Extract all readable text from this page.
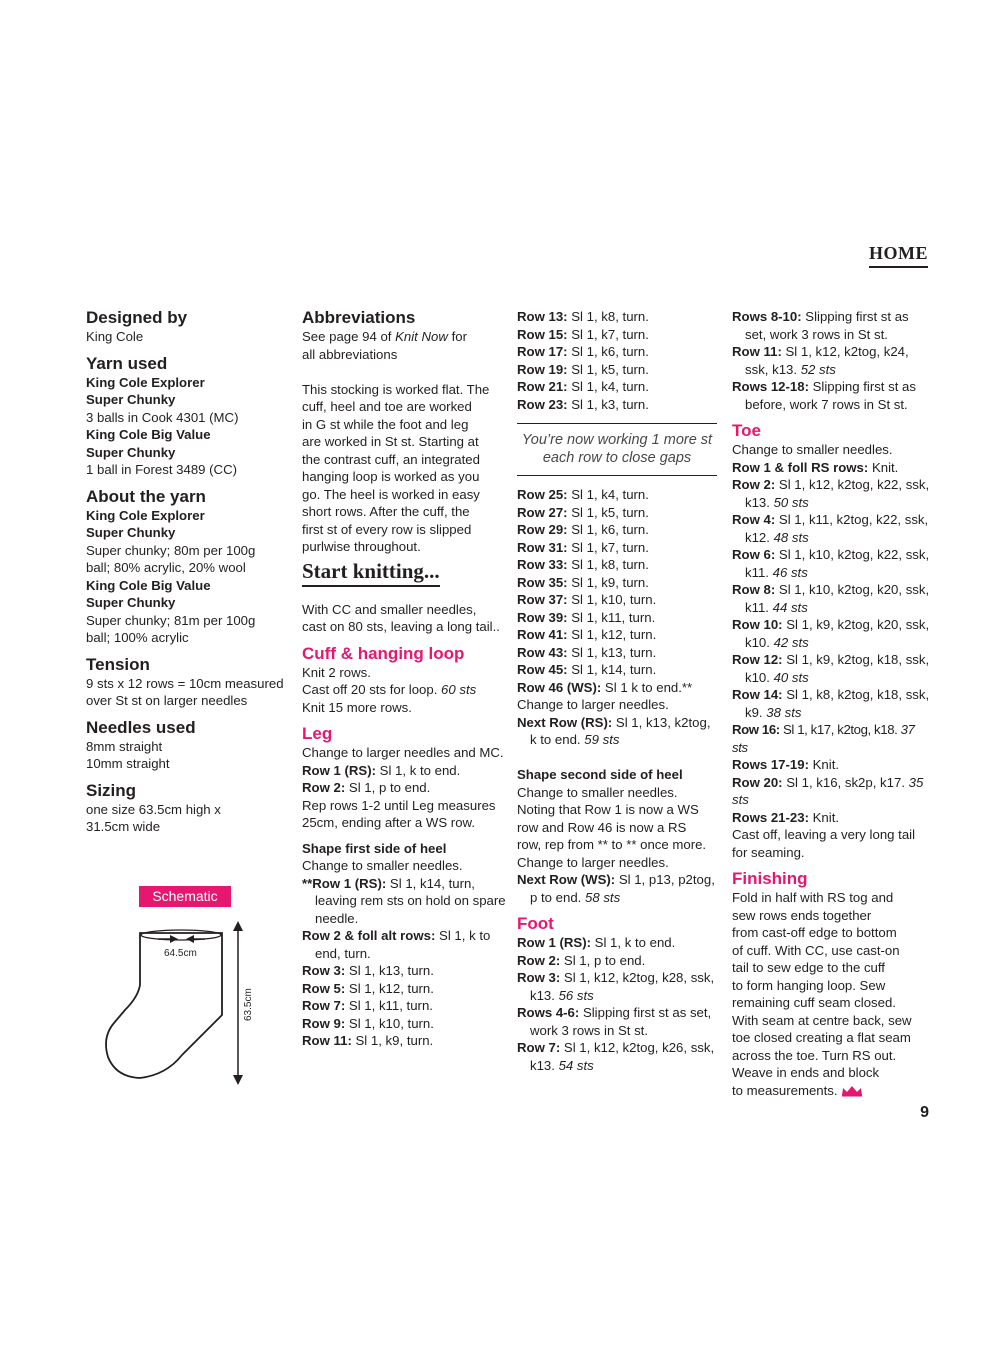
HOME
Designed by

King Cole

Yarn used

King Cole Explorer

Super Chunky

3 balls in Cook 4301 (MC)

King Cole Big Value

Super Chunky

1 ball in Forest 3489 (CC)

About the yarn

King Cole Explorer

Super Chunky

Super chunky; 80m per 100g

ball; 80% acrylic, 20% wool

King Cole Big Value

Super Chunky

Super chunky; 81m per 100g

ball; 100% acrylic

Tension

9 sts x 12 rows = 10cm measured

over St st on larger needles

Needles used

8mm straight

10mm straight

Sizing

one size 63.5cm high x

31.5cm wide

Schematic
64.5cm
63.5cm
Abbreviations

See page 94 of Knit Now for

all abbreviations

This stocking is worked flat. The
cuff, heel and toe are worked
in G st while the foot and leg
are worked in St st. Starting at
the contrast cuff, an integrated
hanging loop is worked as you
go. The heel is worked in easy
short rows. After the cuff, the
first st of every row is slipped
purlwise throughout.
Start knitting...
With CC and smaller needles,
cast on 80 sts, leaving a long tail..
Cuff & hanging loop

Knit 2 rows.

Cast off 20 sts for loop. 60 sts

Knit 15 more rows.

Leg

Change to larger needles and MC.

Row 1 (RS): Sl 1, k to end.

Row 2: Sl 1, p to end.

Rep rows 1-2 until Leg measures

25cm, ending after a WS row.

Shape first side of heel

Change to smaller needles.

**Row 1 (RS): Sl 1, k14, turn, leaving rem sts on hold on spare needle.

Row 2 & foll alt rows: Sl 1, k to end, turn.

Row 3: Sl 1, k13, turn.

Row 5: Sl 1, k12, turn.

Row 7: Sl 1, k11, turn.

Row 9: Sl 1, k10, turn.

Row 11: Sl 1, k9, turn.

Row 13: Sl 1, k8, turn.

Row 15: Sl 1, k7, turn.

Row 17: Sl 1, k6, turn.

Row 19: Sl 1, k5, turn.

Row 21: Sl 1, k4, turn.

Row 23: Sl 1, k3, turn.

You’re now working 1 more st each row to close gaps

Row 25: Sl 1, k4, turn.

Row 27: Sl 1, k5, turn.

Row 29: Sl 1, k6, turn.

Row 31: Sl 1, k7, turn.

Row 33: Sl 1, k8, turn.

Row 35: Sl 1, k9, turn.

Row 37: Sl 1, k10, turn.

Row 39: Sl 1, k11, turn.

Row 41: Sl 1, k12, turn.

Row 43: Sl 1, k13, turn.

Row 45: Sl 1, k14, turn.

Row 46 (WS): Sl 1 k to end.**

Change to larger needles.

Next Row (RS): Sl 1, k13, k2tog, k to end. 59 sts

Shape second side of heel

Change to smaller needles.
Noting that Row 1 is now a WS
row and Row 46 is now a RS
row, rep from ** to ** once more.
Change to larger needles.

Next Row (WS): Sl 1, p13, p2tog, p to end. 58 sts

Foot

Row 1 (RS): Sl 1, k to end.

Row 2: Sl 1, p to end.

Row 3: Sl 1, k12, k2tog, k28, ssk, k13. 56 sts

Rows 4-6: Slipping first st as set, work 3 rows in St st.

Row 7: Sl 1, k12, k2tog, k26, ssk, k13. 54 sts

Rows 8-10: Slipping first st as set, work 3 rows in St st.

Row 11: Sl 1, k12, k2tog, k24, ssk, k13. 52 sts

Rows 12-18: Slipping first st as before, work 7 rows in St st.

Toe

Change to smaller needles.

Row 1 & foll RS rows: Knit.

Row 2: Sl 1, k12, k2tog, k22, ssk, k13. 50 sts

Row 4: Sl 1, k11, k2tog, k22, ssk, k12. 48 sts

Row 6: Sl 1, k10, k2tog, k22, ssk, k11. 46 sts

Row 8: Sl 1, k10, k2tog, k20, ssk, k11. 44 sts

Row 10: Sl 1, k9, k2tog, k20, ssk, k10. 42 sts

Row 12: Sl 1, k9, k2tog, k18, ssk, k10. 40 sts

Row 14: Sl 1, k8, k2tog, k18, ssk, k9. 38 sts

Row 16: Sl 1, k17, k2tog, k18. 37 sts

Rows 17-19: Knit.

Row 20: Sl 1, k16, sk2p, k17. 35 sts

Rows 21-23: Knit.

Cast off, leaving a very long tail
for seaming.
Finishing
Fold in half with RS tog and
sew rows ends together
from cast-off edge to bottom
of cuff. With CC, use cast-on
tail to sew edge to the cuff
to form hanging loop. Sew
remaining cuff seam closed.
With seam at centre back, sew
toe closed creating a flat seam
across the toe. Turn RS out.
Weave in ends and block

to measurements.

9
